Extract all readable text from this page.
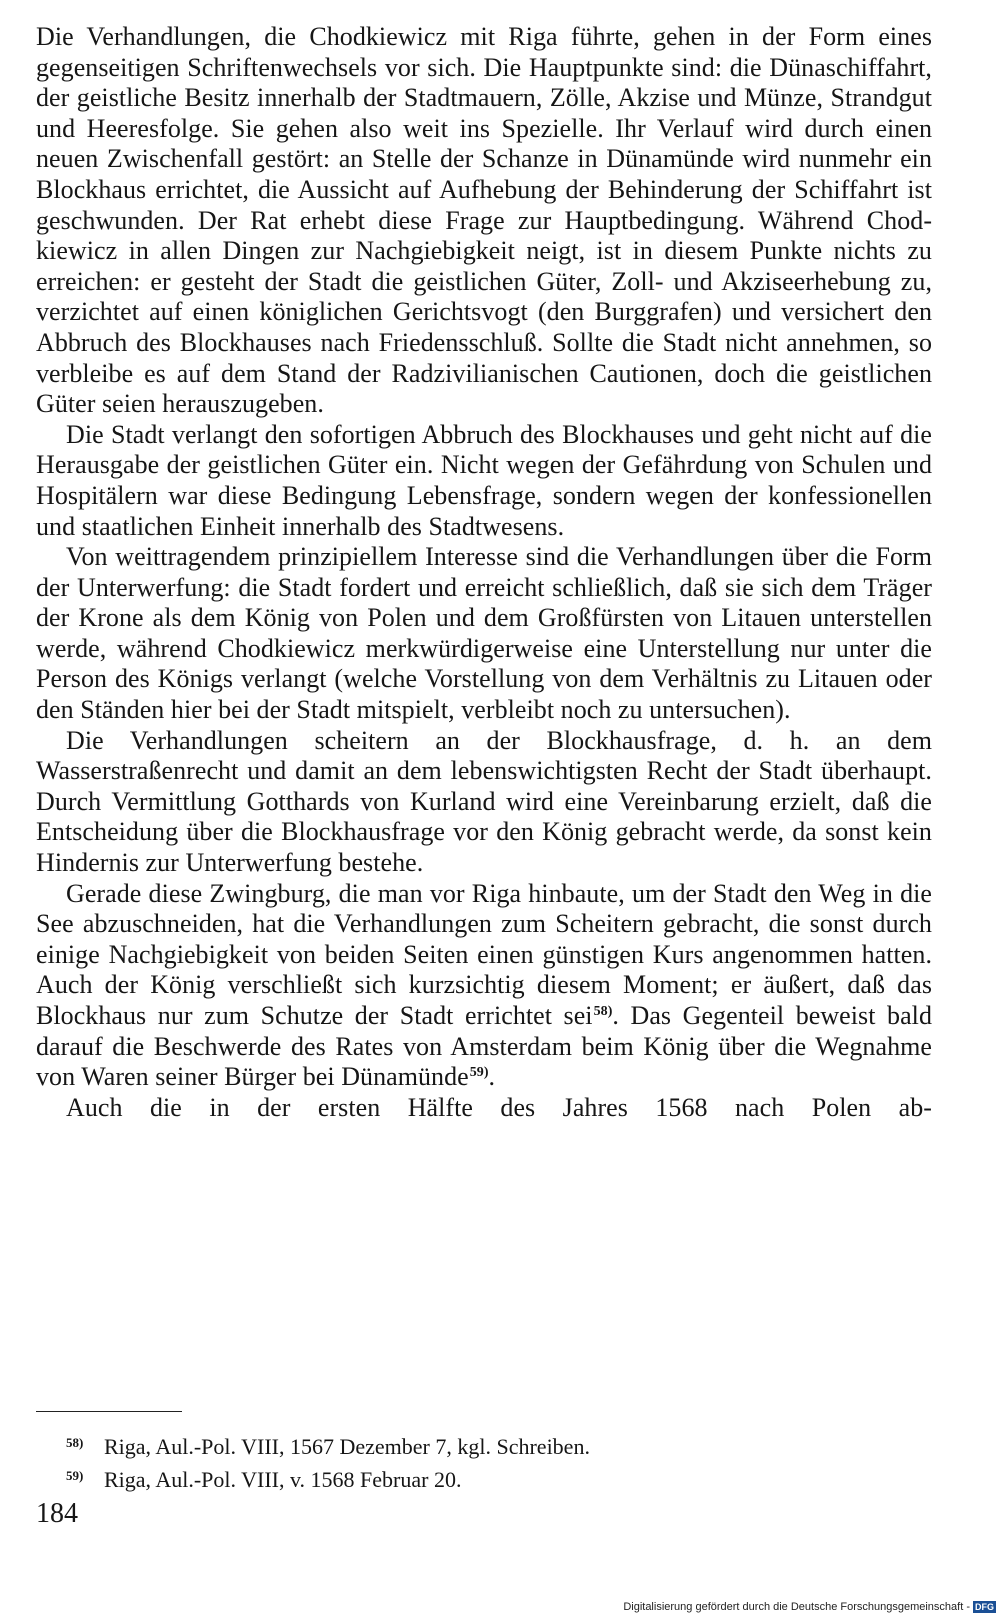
Die Verhandlungen, die Chodkiewicz mit Riga führte, gehen in der Form eines gegenseitigen Schriftenwechsels vor sich. Die Hauptpunkte sind: die Dünaschiffahrt, der geistliche Besitz innerhalb der Stadtmauern, Zölle, Akzise und Münze, Strandgut und Heeresfolge. Sie gehen also weit ins Spezielle. Ihr Verlauf wird durch einen neuen Zwischenfall gestört: an Stelle der Schanze in Dünamünde wird nunmehr ein Blockhaus errichtet, die Aussicht auf Aufhebung der Behinderung der Schiffahrt ist geschwunden. Der Rat erhebt diese Frage zur Hauptbedingung. Während Chodkiewicz in allen Dingen zur Nachgiebigkeit neigt, ist in diesem Punkte nichts zu erreichen: er gesteht der Stadt die geistlichen Güter, Zoll- und Akziseerhebung zu, verzichtet auf einen königlichen Gerichtsvogt (den Burggrafen) und versichert den Abbruch des Blockhauses nach Friedensschluß. Sollte die Stadt nicht annehmen, so verbleibe es auf dem Stand der Radzivilianischen Cautionen, doch die geistlichen Güter seien herauszugeben.

Die Stadt verlangt den sofortigen Abbruch des Blockhauses und geht nicht auf die Herausgabe der geistlichen Güter ein. Nicht wegen der Gefährdung von Schulen und Hospitälern war diese Bedingung Lebensfrage, sondern wegen der konfessionellen und staatlichen Einheit innerhalb des Stadtwesens.

Von weittragendem prinzipiellem Interesse sind die Verhandlungen über die Form der Unterwerfung: die Stadt fordert und erreicht schließlich, daß sie sich dem Träger der Krone als dem König von Polen und dem Großfürsten von Litauen unterstellen werde, während Chodkiewicz merkwürdigerweise eine Unterstellung nur unter die Person des Königs verlangt (welche Vorstellung von dem Verhältnis zu Litauen oder den Ständen hier bei der Stadt mitspielt, verbleibt noch zu untersuchen).

Die Verhandlungen scheitern an der Blockhausfrage, d. h. an dem Wasserstraßenrecht und damit an dem lebenswichtigsten Recht der Stadt überhaupt. Durch Vermittlung Gotthards von Kurland wird eine Vereinbarung erzielt, daß die Entscheidung über die Blockhausfrage vor den König gebracht werde, da sonst kein Hindernis zur Unterwerfung bestehe.

Gerade diese Zwingburg, die man vor Riga hinbaute, um der Stadt den Weg in die See abzuschneiden, hat die Verhandlungen zum Scheitern gebracht, die sonst durch einige Nachgiebigkeit von beiden Seiten einen günstigen Kurs angenommen hatten. Auch der König verschließt sich kurzsichtig diesem Moment; er äußert, daß das Blockhaus nur zum Schutze der Stadt errichtet sei$^{58)}$. Das Gegenteil beweist bald darauf die Beschwerde des Rates von Amsterdam beim König über die Wegnahme von Waren seiner Bürger bei Dünamünde$^{59)}$.

Auch die in der ersten Hälfte des Jahres 1568 nach Polen ab-

58) Riga, Aul.-Pol. VIII, 1567 Dezember 7, kgl. Schreiben.
59) Riga, Aul.-Pol. VIII, v. 1568 Februar 20.
184
Digitalisierung gefördert durch die Deutsche Forschungsgemeinschaft - DFG
